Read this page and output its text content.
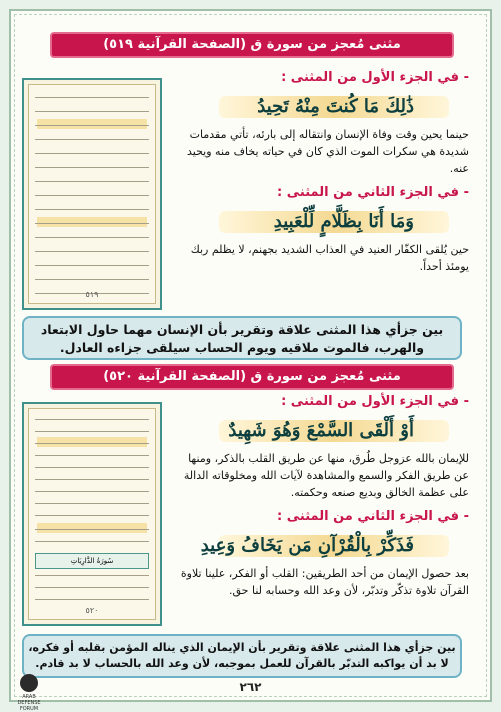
مثنى مُعجز من سورة ق (الصفحة القرآنية ٥١٩)
٥١٩

- في الجزء الأول من المثنى :

ذَٰلِكَ مَا كُنتَ مِنْهُ تَحِيدُ

حينما يحين وقت وفاة الإنسان وانتقاله إلى بارئه، تأتي مقدمات شديدة هي سكرات الموت الذي كان في حياته يخاف منه ويحيد عنه.

- في الجزء الثاني من المثنى :

وَمَا أَنَا بِظَلَّامٍ لِّلْعَبِيدِ

حين يُلقى الكفّار العنيد في العذاب الشديد بجهنم، لا يظلم ربك يومئذ أحداً.

بين جزأي هذا المثنى علاقة وتقرير بأن الإنسان مهما حاول الابتعاد والهرب، فالموت ملاقيه ويوم الحساب سيلقى جزاءه العادل.
مثنى مُعجز من سورة ق (الصفحة القرآنية ٥٢٠)
سُورَةُ الذَّارِيَاتِ
٥٢٠

- في الجزء الأول من المثنى :

أَوْ أَلْقَى السَّمْعَ وَهُوَ شَهِيدٌ

للإيمان بالله عزوجل طُرق، منها عن طريق القلب بالذكر، ومنها عن طريق الفكر والسمع والمشاهدة لآيات الله ومخلوقاته الدالة على عظمة الخالق وبديع صنعه وحكمته.

- في الجزء الثاني من المثنى :

فَذَكِّرْ بِالْقُرْآنِ مَن يَخَافُ وَعِيدِ

بعد حصول الإيمان من أحد الطريقين: القلب أو الفكر، علينا تلاوة القرآن تلاوة تذكّر وتدبّر، لأن وعد الله وحسابه لنا حق.

بين جزأي هذا المثنى علاقة وتقرير بأن الإيمان الذي يناله المؤمن بقلبه أو فكره، لا بد أن يواكبه التدبّر بالقرآن للعمل بموجبه، لأن وعد الله بالحساب لا بد قادم.
٢٦٢
ARAB DEFENSE FORUM
